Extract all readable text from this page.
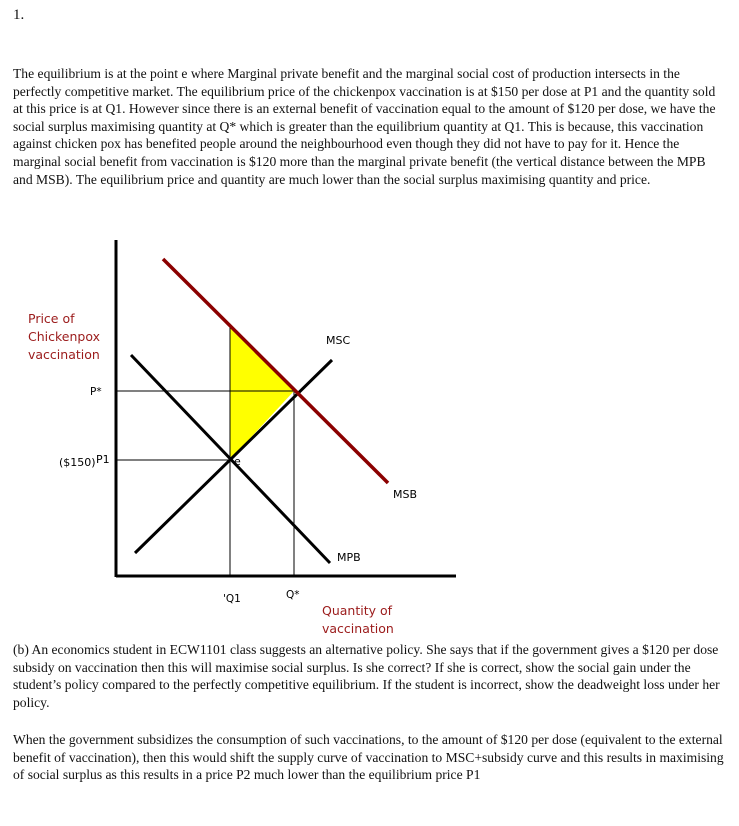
1.

The equilibrium is at the point e where Marginal private benefit and the marginal social cost of production intersects in the perfectly competitive market. The equilibrium price of the chickenpox vaccination is at $150 per dose at P1 and the quantity sold at this price is at Q1. However since there is an external benefit of vaccination equal to the amount of $120 per dose, we have the social surplus maximising quantity at Q* which is greater than the equilibrium quantity at Q1. This is because, this vaccination against chicken pox has benefited people around the neighbourhood even though they did not have to pay for it. Hence the marginal social benefit from vaccination is $120 more than the marginal private benefit (the vertical distance between the MPB and MSB). The equilibrium price and quantity are much lower than the social surplus maximising quantity and price.

Price of Chickenpox vaccination
P*
($150) P1	e
MSC
MSB
MPB
'Q1	Q*
Quantity of vaccination

(b) An economics student in ECW1101 class suggests an alternative policy. She says that if the government gives a $120 per dose subsidy on vaccination then this will maximise social surplus. Is she correct? If she is correct, show the social gain under the student’s policy compared to the perfectly competitive equilibrium. If the student is incorrect, show the deadweight loss under her policy.

When the government subsidizes the consumption of such vaccinations, to the amount of $120 per dose (equivalent to the external benefit of vaccination), then this would shift the supply curve of vaccination to MSC+subsidy curve and this results in maximising of social surplus as this results in a price P2 much lower than the equilibrium price P1
